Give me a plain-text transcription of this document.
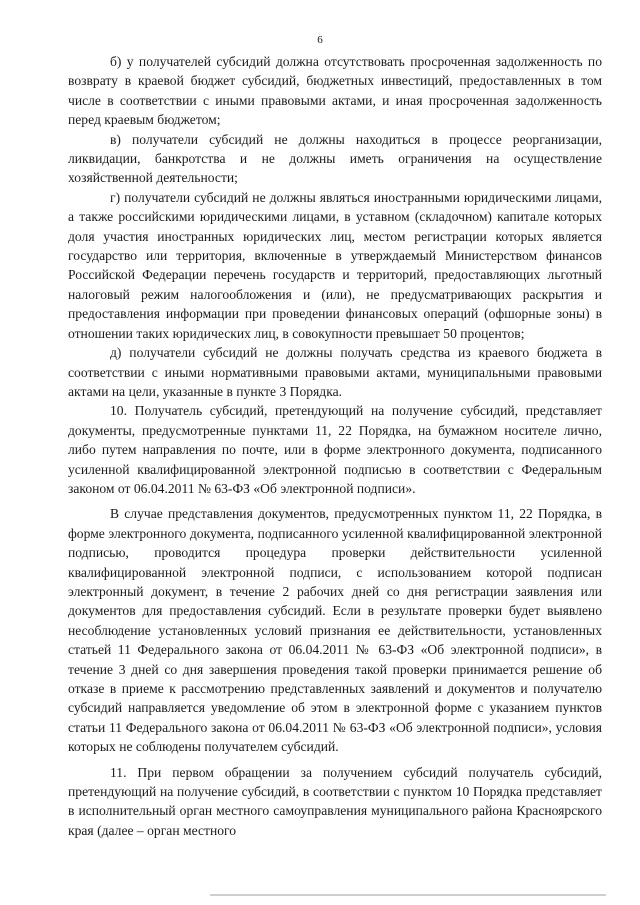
6

б) у получателей субсидий должна отсутствовать просроченная задолженность по возврату в краевой бюджет субсидий, бюджетных инвестиций, предоставленных в том числе в соответствии с иными правовыми актами, и иная просроченная задолженность перед краевым бюджетом;

в) получатели субсидий не должны находиться в процессе реорганизации, ликвидации, банкротства и не должны иметь ограничения на осуществление хозяйственной деятельности;

г) получатели субсидий не должны являться иностранными юридическими лицами, а также российскими юридическими лицами, в уставном (складочном) капитале которых доля участия иностранных юридических лиц, местом регистрации которых является государство или территория, включенные в утверждаемый Министерством финансов Российской Федерации перечень государств и территорий, предоставляющих льготный налоговый режим налогообложения и (или), не предусматривающих раскрытия и предоставления информации при проведении финансовых операций (офшорные зоны) в отношении таких юридических лиц, в совокупности превышает 50 процентов;

д) получатели субсидий не должны получать средства из краевого бюджета в соответствии с иными нормативными правовыми актами, муниципальными правовыми актами на цели, указанные в пункте 3 Порядка.

10. Получатель субсидий, претендующий на получение субсидий, представляет документы, предусмотренные пунктами 11, 22 Порядка, на бумажном носителе лично, либо путем направления по почте, или в форме электронного документа, подписанного усиленной квалифицированной электронной подписью в соответствии с Федеральным законом от 06.04.2011 № 63-ФЗ «Об электронной подписи».

В случае представления документов, предусмотренных пунктом 11, 22 Порядка, в форме электронного документа, подписанного усиленной квалифицированной электронной подписью, проводится процедура проверки действительности усиленной квалифицированной электронной подписи, с использованием которой подписан электронный документ, в течение 2 рабочих дней со дня регистрации заявления или документов для предоставления субсидий. Если в результате проверки будет выявлено несоблюдение установленных условий признания ее действительности, установленных статьей 11 Федерального закона от 06.04.2011 № 63-ФЗ «Об электронной подписи», в течение 3 дней со дня завершения проведения такой проверки принимается решение об отказе в приеме к рассмотрению представленных заявлений и документов и получателю субсидий направляется уведомление об этом в электронной форме с указанием пунктов статьи 11 Федерального закона от 06.04.2011 № 63-ФЗ «Об электронной подписи», условия которых не соблюдены получателем субсидий.

11. При первом обращении за получением субсидий получатель субсидий, претендующий на получение субсидий, в соответствии с пунктом 10 Порядка представляет в исполнительный орган местного самоуправления муниципального района Красноярского края (далее – орган местного
